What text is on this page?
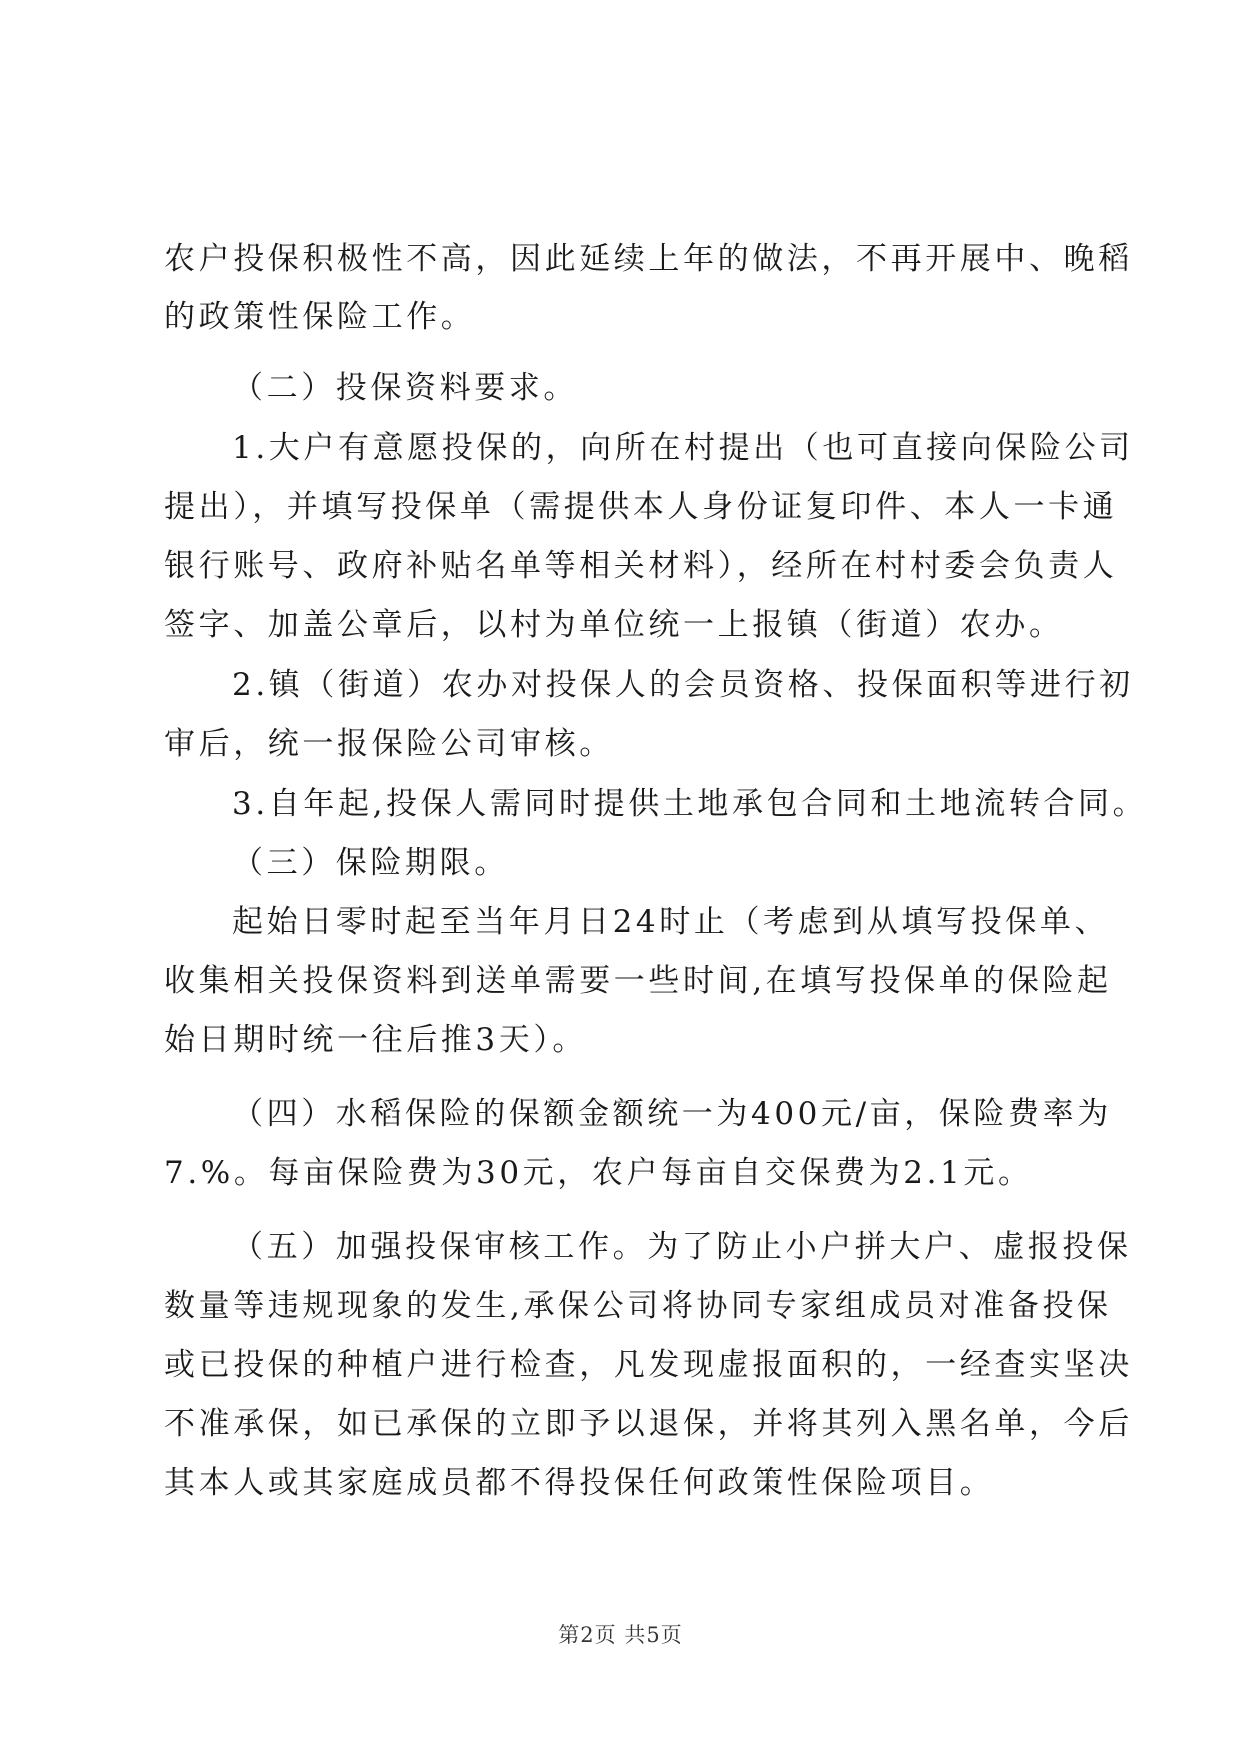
农户投保积极性不高，因此延续上年的做法，不再开展中、晚稻
的政策性保险工作。
（二）投保资料要求。
1.大户有意愿投保的，向所在村提出（也可直接向保险公司
提出），并填写投保单（需提供本人身份证复印件、本人一卡通
银行账号、政府补贴名单等相关材料），经所在村村委会负责人
签字、加盖公章后，以村为单位统一上报镇（街道）农办。
2.镇（街道）农办对投保人的会员资格、投保面积等进行初
审后，统一报保险公司审核。
3.自年起,投保人需同时提供土地承包合同和土地流转合同。
（三）保险期限。
起始日零时起至当年月日24时止（考虑到从填写投保单、
收集相关投保资料到送单需要一些时间,在填写投保单的保险起
始日期时统一往后推3天）。
（四）水稻保险的保额金额统一为400元/亩，保险费率为
7.%。每亩保险费为30元，农户每亩自交保费为2.1元。
（五）加强投保审核工作。为了防止小户拼大户、虚报投保
数量等违规现象的发生,承保公司将协同专家组成员对准备投保
或已投保的种植户进行检查，凡发现虚报面积的，一经查实坚决
不准承保，如已承保的立即予以退保，并将其列入黑名单，今后
其本人或其家庭成员都不得投保任何政策性保险项目。
第2页 共5页
